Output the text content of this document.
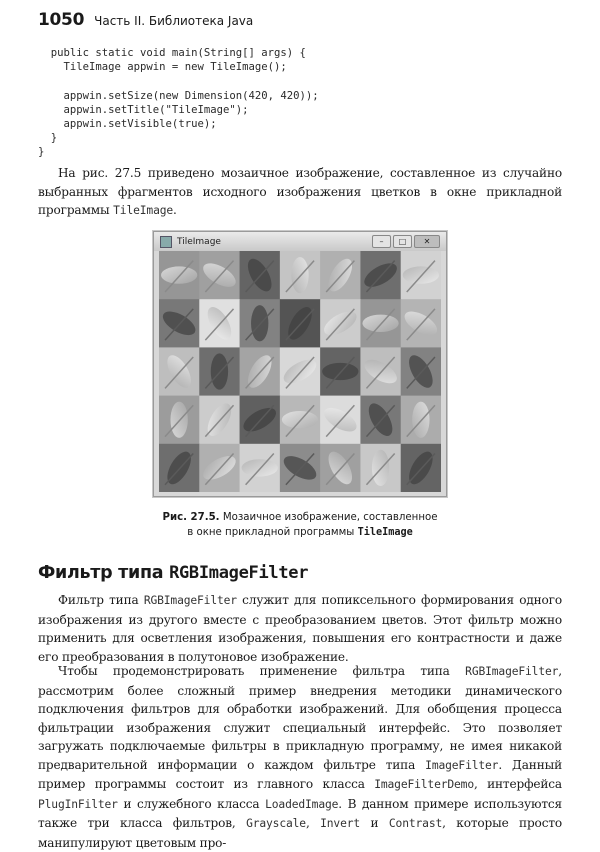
1050 Часть II. Библиотека Java
public static void main(String[] args) {
TileImage appwin = new TileImage();

appwin.setSize(new Dimension(420, 420));
appwin.setTitle("TileImage");
appwin.setVisible(true);
}
}

На рис. 27.5 приведено мозаичное изображение, составленное из случайно выбранных фрагментов исходного изображения цветков в окне прикладной программы TileImage.

TileImage	–	□	✕
Рис. 27.5. Мозаичное изображение, составленное
в окне прикладной программы TileImage
Фильтр типа RGBImageFilter

Фильтр типа RGBImageFilter служит для попиксельного формирования одного изображения из другого вместе с преобразованием цветов. Этот фильтр можно применить для осветления изображения, повышения его контрастности и даже его преобразования в полутоновое изображение.

Чтобы продемонстрировать применение фильтра типа RGBImageFilter, рассмотрим более сложный пример внедрения методики динамического подключения фильтров для обработки изображений. Для обобщения процесса фильтрации изображения служит специальный интерфейс. Это позволяет загружать подключаемые фильтры в прикладную программу, не имея никакой предварительной информации о каждом фильтре типа ImageFilter. Данный пример программы состоит из главного класса ImageFilterDemo, интерфейса PlugInFilter и служебного класса LoadedImage. В данном примере используются также три класса фильтров, Grayscale, Invert и Contrast, которые просто манипулируют цветовым про-
